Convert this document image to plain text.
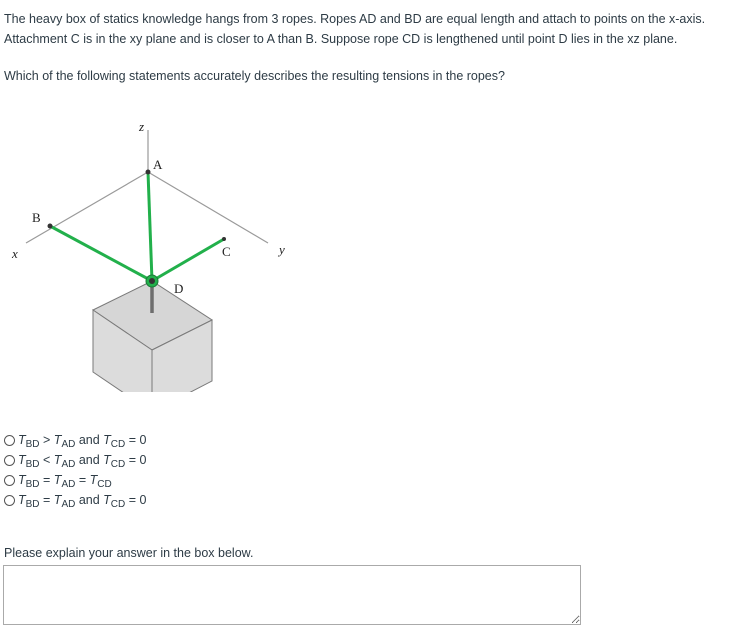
The heavy box of statics knowledge hangs from 3 ropes. Ropes AD and BD are equal length and attach to points on the x-axis.

Attachment C is in the xy plane and is closer to A than B. Suppose rope CD is lengthened until point D lies in the xz plane.

Which of the following statements accurately describes the resulting tensions in the ropes?
z
A
B
x	C	y
D
$T_{BD} > T_{AD}$ and $T_{CD} = 0$
$T_{BD} < T_{AD}$ and $T_{CD} = 0$
$T_{BD} = T_{AD} = T_{CD}$
$T_{BD} = T_{AD}$ and $T_{CD} = 0$
Please explain your answer in the box below.
